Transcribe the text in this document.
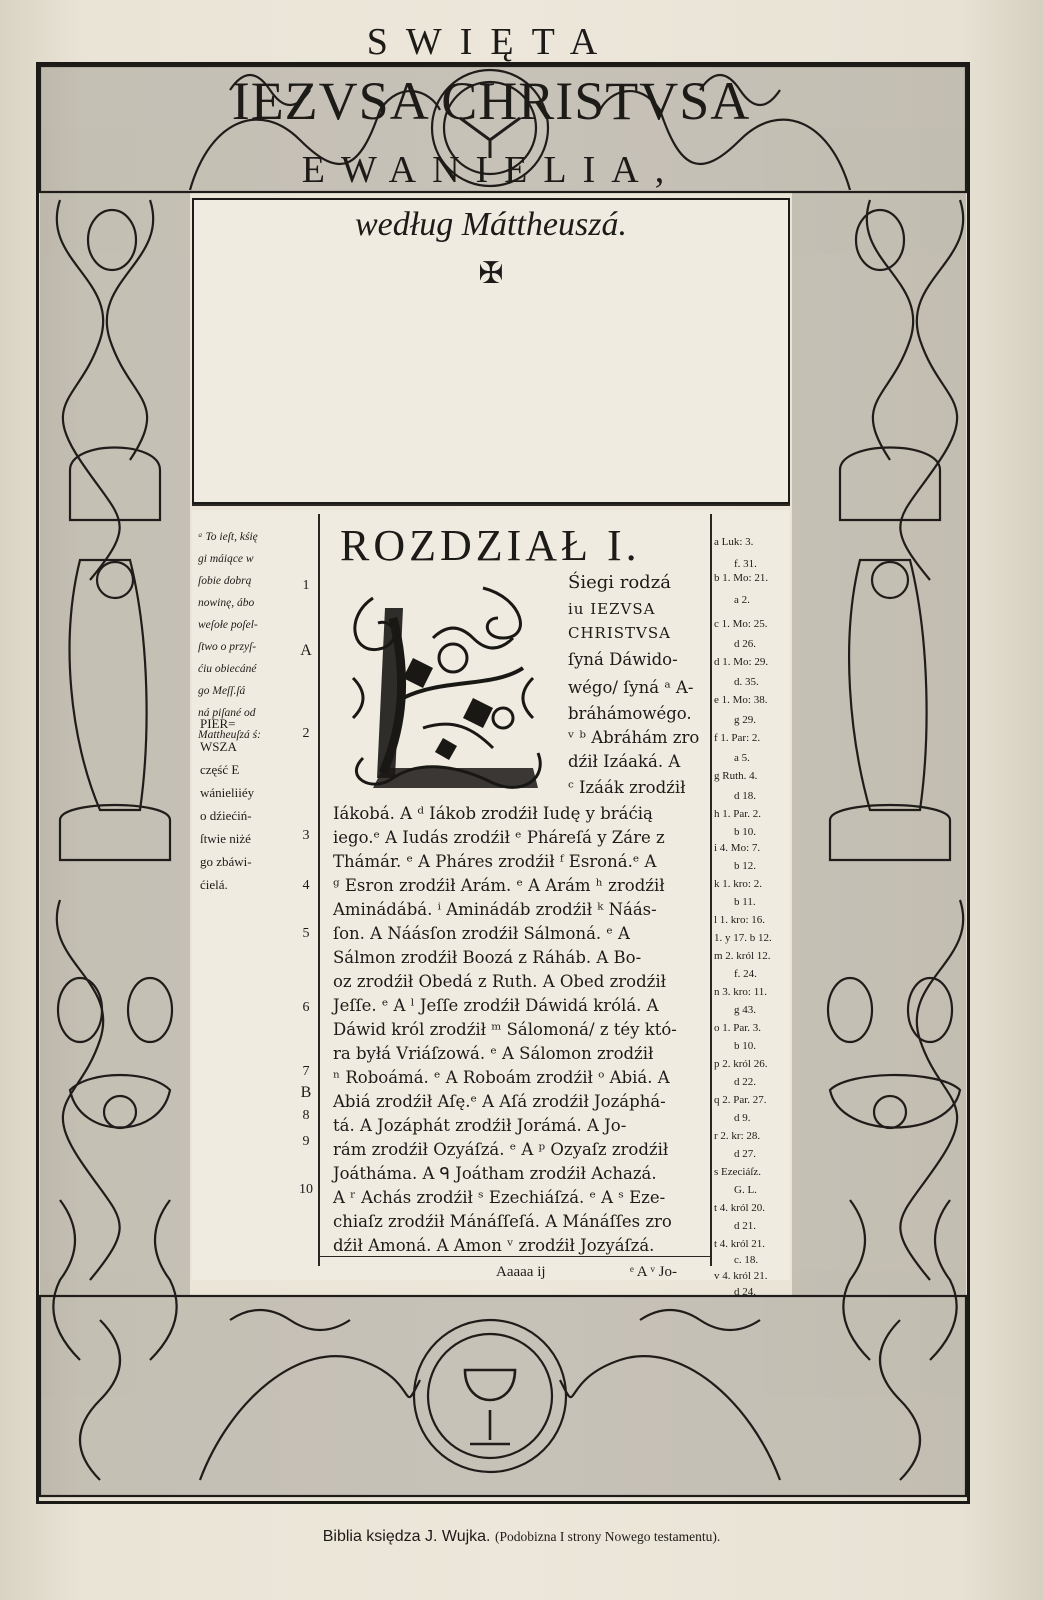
SWIĘTA
IEZVSA CHRISTVSA
EWANIELIA,
według Máttheuszá.
✠
ROZDZIAŁ I.
ᵃ To ieſt, kśię
gi máiące w
ſobie dobrą
nowinę, ábo
weſołe poſel-
ſtwo o przyſ-
ćiu obiecáné
go Meſſ.ſá
ná piſané od
Mattheuſzá ś:
PIER=
WSZA
część E
wánieliiéy
o dźiećiń-
ſtwie niżé
go zbáwi-
ćielá.
1
2
3
4
5
6
7
8
9
10
A
B
Śiegi rodzá
iu IEZVSA
CHRISTVSA
ſyná Dáwido-
wégo/ ſyná ᵃ A-
bráhámowégo.
ᵛ ᵇ Abráhám zro
dźił Izáaká. A
ᶜ Izáák zrodźił
Iákobá. A ᵈ Iákob zrodźił Iudę y bráćią
iego.ᵉ A Iudás zrodźił ᵉ Pháreſá y Záre z
Thámár. ᵉ A Pháres zrodźił ᶠ Esroná.ᵉ A
ᵍ Esron zrodźił Arám. ᵉ A Arám ʰ zrodźił
Aminádábá. ⁱ Aminádáb zrodźił ᵏ Náás-
ſon. A Náásſon zrodźił Sálmoná. ᵉ A
Sálmon zrodźił Boozá z Ráháb. A Bo-
oz zrodźił Obedá z Ruth. A Obed zrodźił
Jeſſe. ᵉ A ˡ Jeſſe zrodźił Dáwidá królá. A
Dáwid król zrodźił ᵐ Sálomoná/ z téy któ-
ra byłá Vriáſzowá. ᵉ A Sálomon zrodźił
ⁿ Roboámá. ᵉ A Roboám zrodźił ᵒ Abiá. A
Abiá zrodźił Aſę.ᵉ A Aſá zrodźił Jozáphá-
tá. A Jozáphát zrodźił Jorámá. A Jo-
rám zrodźił Ozyáſzá. ᵉ A ᵖ Ozyaſz zrodźił
Joátháma. A ᑫ Joátham zrodźił Achazá.
A ʳ Achás zrodźił ˢ Ezechiáſzá. ᵉ A ˢ Eze-
chiaſz zrodźił Mánáſſeſá. A Mánáſſes zro
dźił Amoná. A Amon ᵛ zrodźił Jozyáſzá.
Aaaaa ij	ᵉ A ᵛ Jo-
a Luk: 3.
f. 31.
b 1. Mo: 21.
a 2.
c 1. Mo: 25.
d 26.
d 1. Mo: 29.
d. 35.
e 1. Mo: 38.
g 29.
f 1. Par: 2.
a 5.
g Ruth. 4.
d 18.
h 1. Par. 2.
b 10.
i 4. Mo: 7.
b 12.
k 1. kro: 2.
b 11.
l 1. kro: 16.
1. y 17. b 12.
m 2. król 12.
f. 24.
n 3. kro: 11.
g 43.
o 1. Par. 3.
b 10.
p 2. król 26.
d 22.
q 2. Par. 27.
d 9.
r 2. kr: 28.
d 27.
s Ezeciáſz.
G. L.
t 4. król 20.
d 21.
t 4. król 21.
c. 18.
v 4. król 21.
d 24.
Biblia księdza J. Wujka. (Podobizna I strony Nowego testamentu).
